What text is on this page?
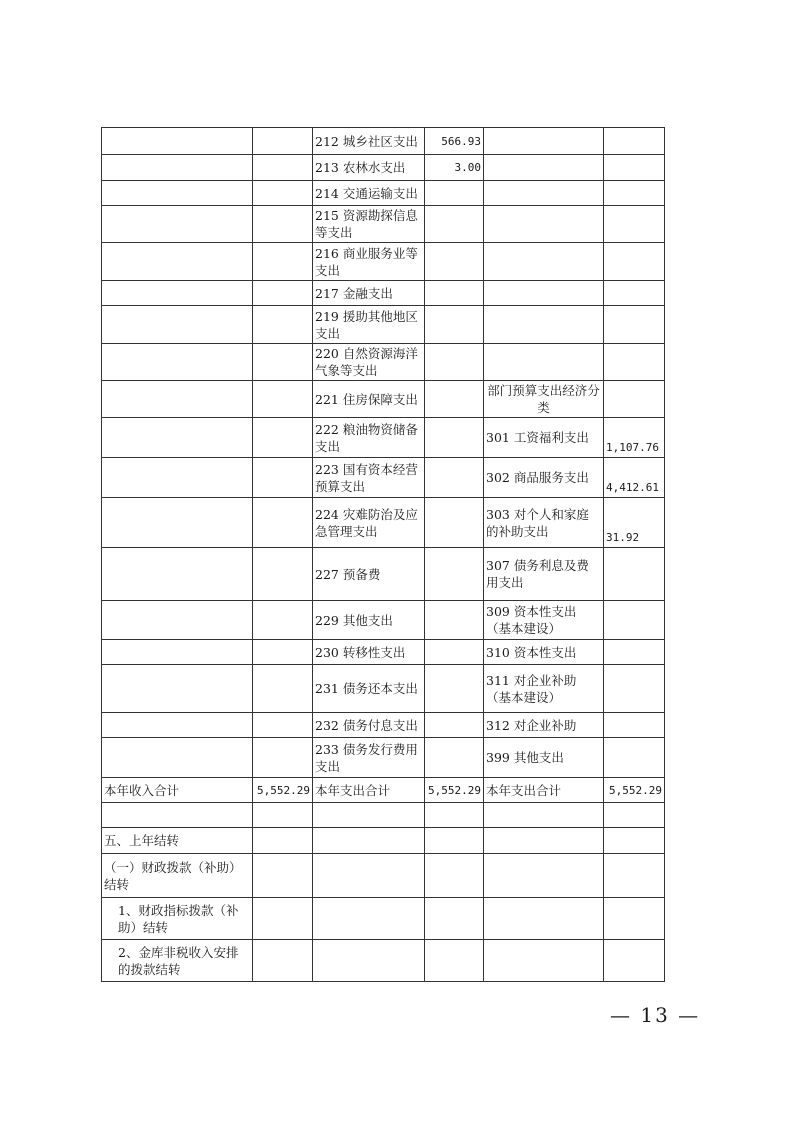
		212 城乡社区支出	566.93		
		213 农林水支出	3.00		
		214 交通运输支出			
		215 资源勘探信息等支出			
		216 商业服务业等支出			
		217 金融支出			
		219 援助其他地区支出			
		220 自然资源海洋气象等支出			
		221 住房保障支出		部门预算支出经济分类	
		222 粮油物资储备支出		301 工资福利支出	1,107.76
		223 国有资本经营预算支出		302 商品服务支出	4,412.61
		224 灾难防治及应急管理支出		303 对个人和家庭的补助支出	31.92
		227 预备费		307 债务利息及费用支出	
		229 其他支出		309 资本性支出（基本建设）	
		230 转移性支出		310 资本性支出	
		231 债务还本支出		311 对企业补助（基本建设）	
		232 债务付息支出		312 对企业补助	
		233 债务发行费用支出		399 其他支出	
本年收入合计	5,552.29	本年支出合计	5,552.29	本年支出合计	5,552.29

五、上年结转					
（一）财政拨款（补助）结转					
1、财政指标拨款（补助）结转					
2、金库非税收入安排的拨款结转					
— 13 —
